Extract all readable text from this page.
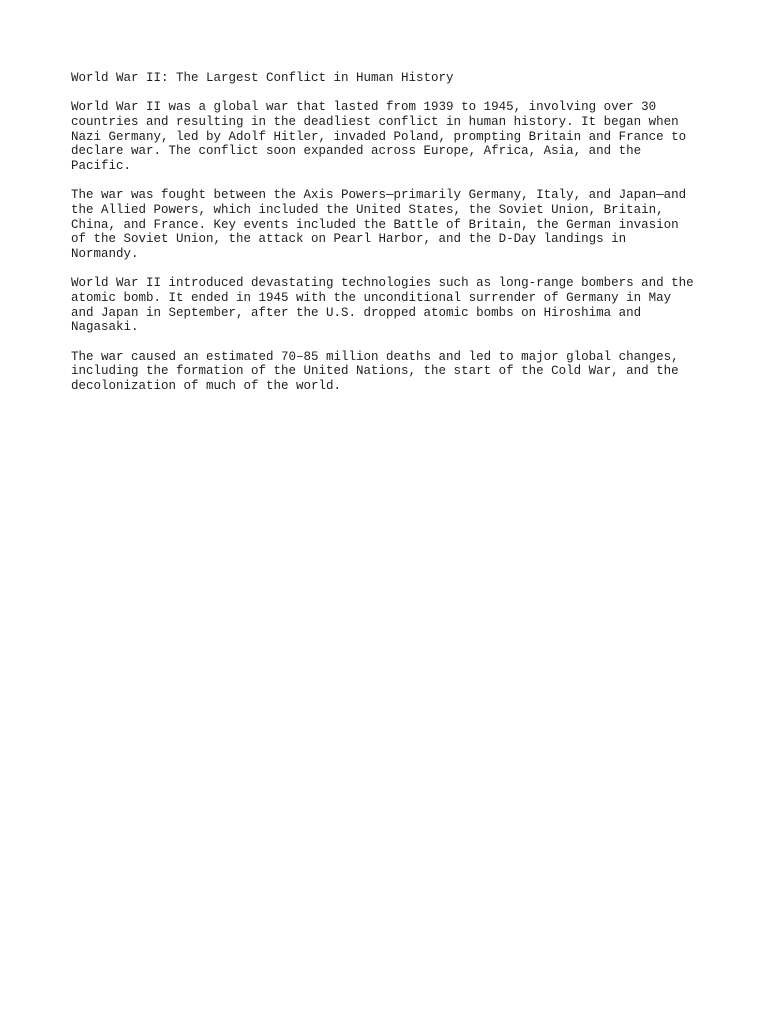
World War II: The Largest Conflict in Human History
World War II was a global war that lasted from 1939 to 1945, involving over 30
countries and resulting in the deadliest conflict in human history. It began when
Nazi Germany, led by Adolf Hitler, invaded Poland, prompting Britain and France to
declare war. The conflict soon expanded across Europe, Africa, Asia, and the
Pacific.
The war was fought between the Axis Powers—primarily Germany, Italy, and Japan—and
the Allied Powers, which included the United States, the Soviet Union, Britain,
China, and France. Key events included the Battle of Britain, the German invasion
of the Soviet Union, the attack on Pearl Harbor, and the D-Day landings in
Normandy.
World War II introduced devastating technologies such as long-range bombers and the
atomic bomb. It ended in 1945 with the unconditional surrender of Germany in May
and Japan in September, after the U.S. dropped atomic bombs on Hiroshima and
Nagasaki.
The war caused an estimated 70–85 million deaths and led to major global changes,
including the formation of the United Nations, the start of the Cold War, and the
decolonization of much of the world.
